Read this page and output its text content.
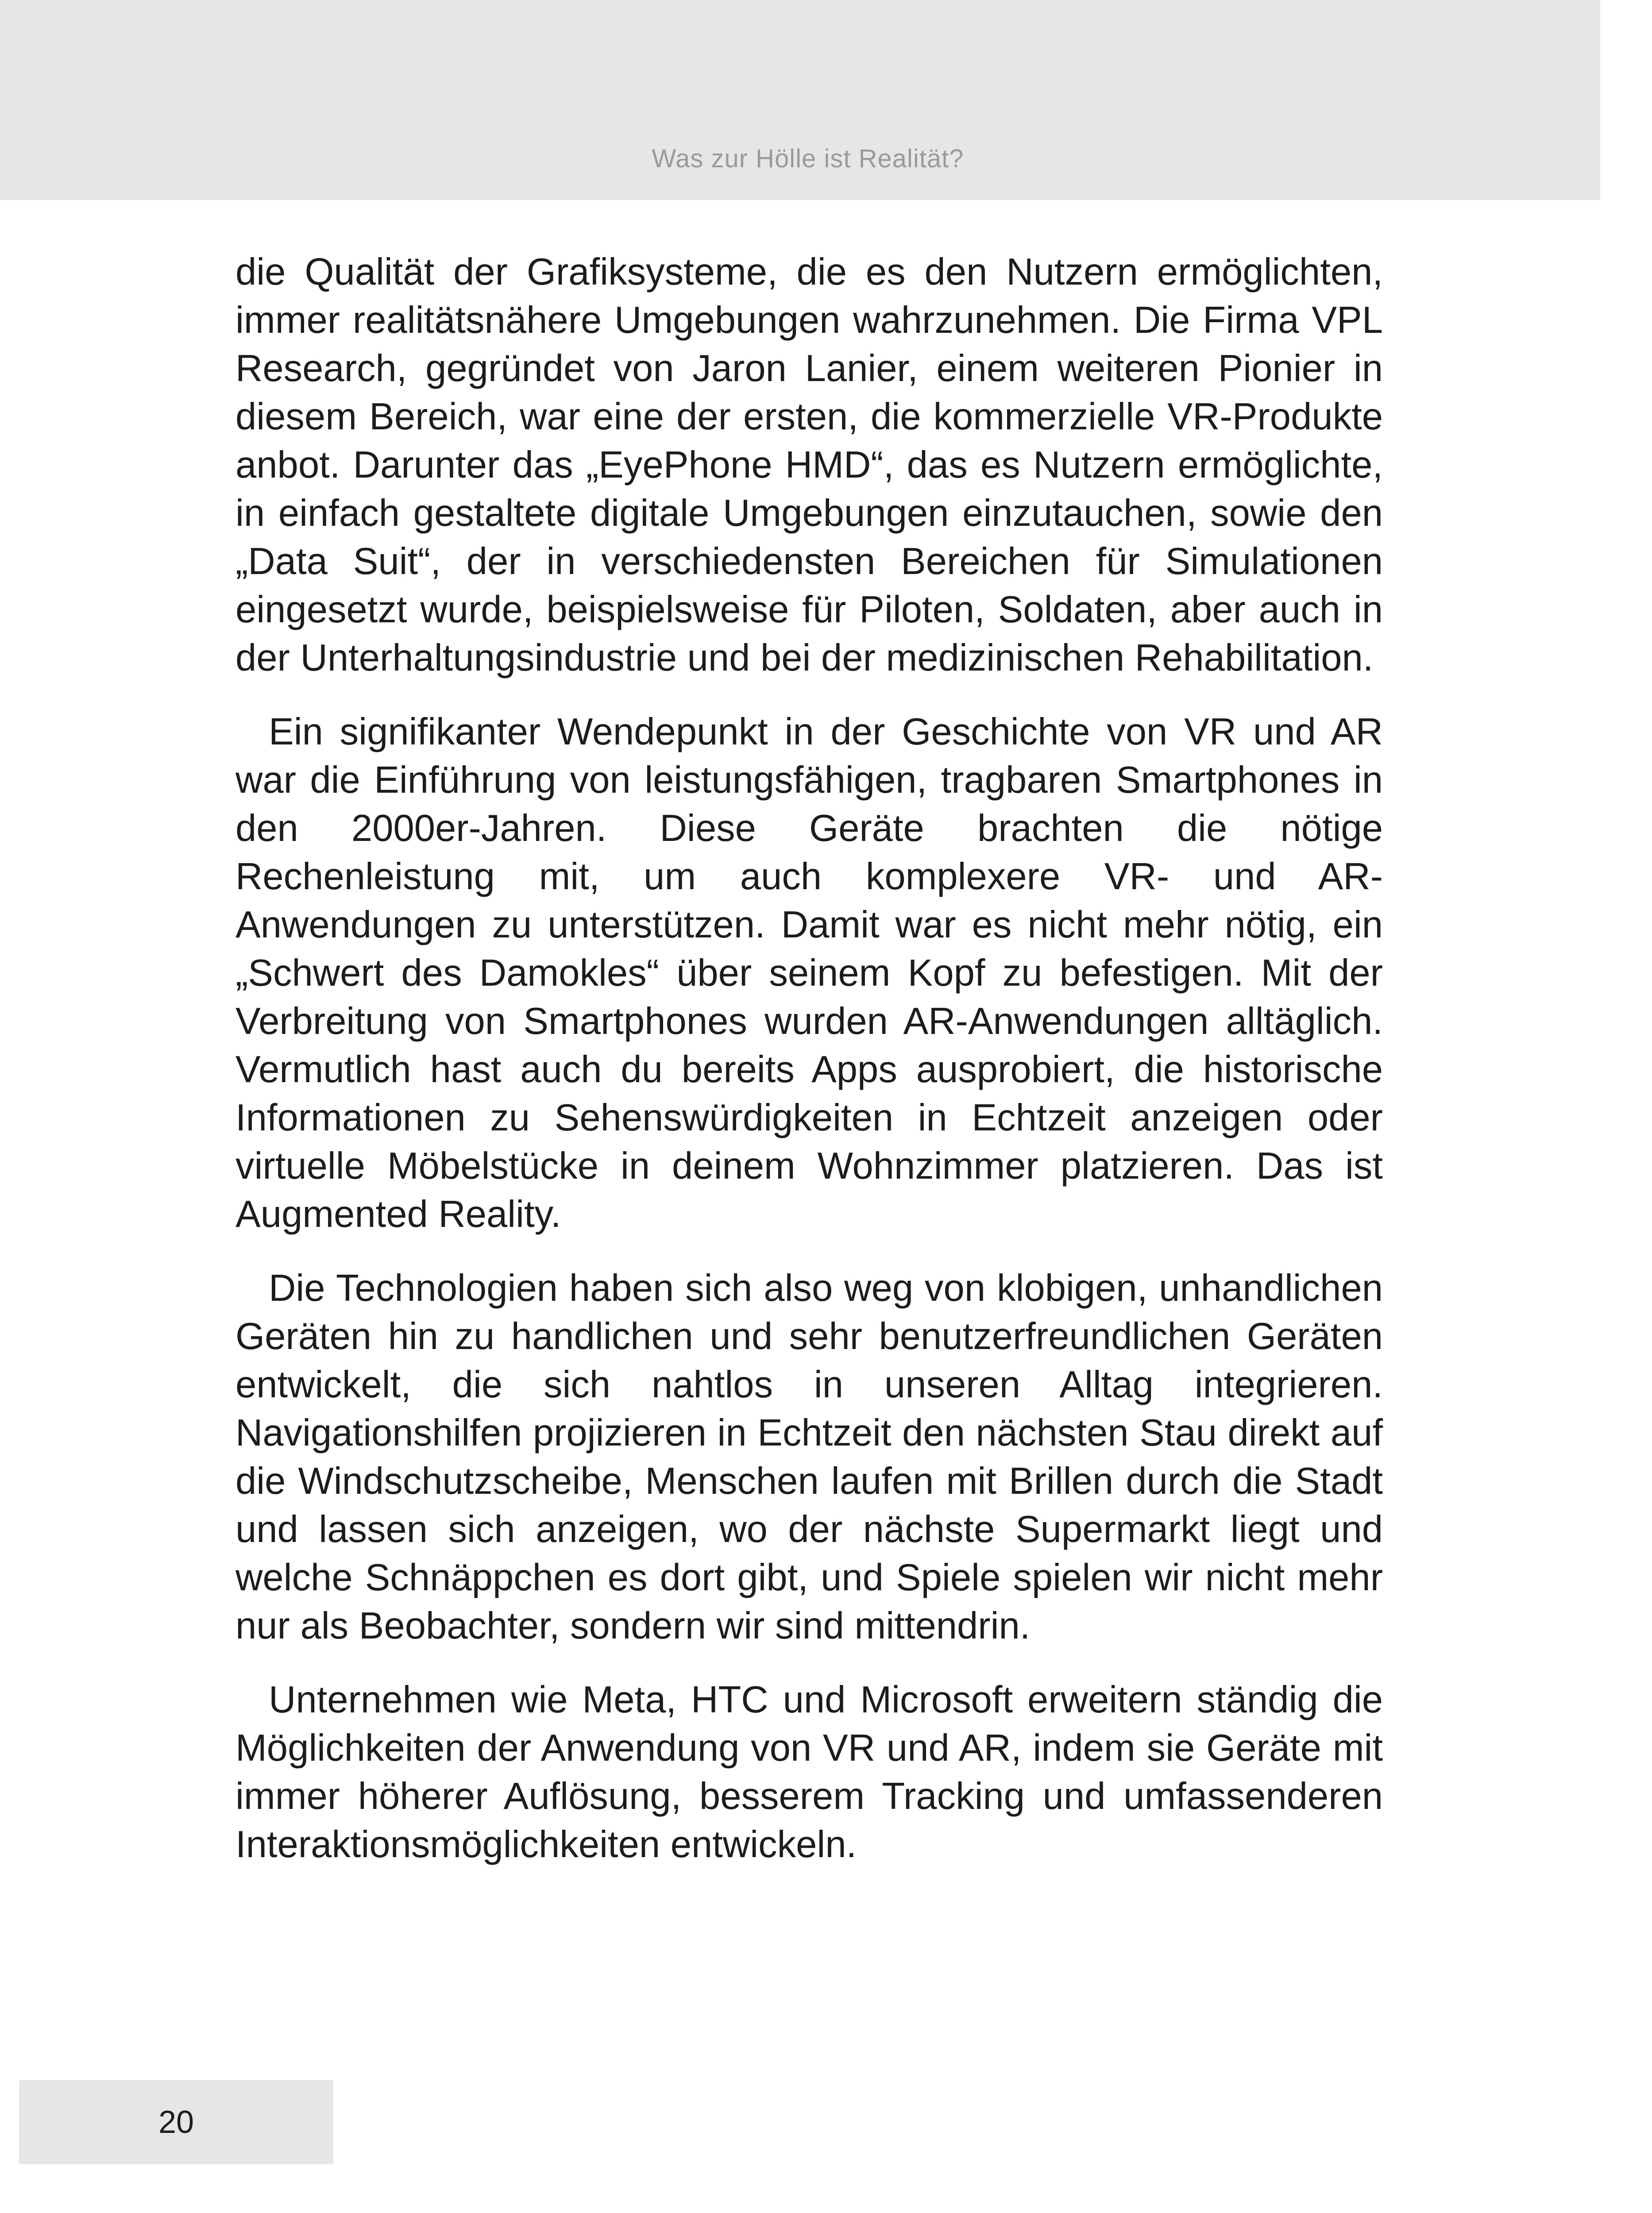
Was zur Hölle ist Realität?

die Qualität der Grafiksysteme, die es den Nutzern ermöglichten, immer realitätsnähere Umgebungen wahrzunehmen. Die Firma VPL Research, gegründet von Jaron Lanier, einem weiteren Pionier in diesem Bereich, war eine der ersten, die kommerzielle VR-Produkte anbot. Darunter das „EyePhone HMD“, das es Nutzern ermöglichte, in einfach gestaltete digitale Umgebungen einzutauchen, sowie den „Data Suit“, der in verschiedensten Bereichen für Simulationen eingesetzt wurde, beispielsweise für Piloten, Soldaten, aber auch in der Unterhaltungsindustrie und bei der medizinischen Rehabilitation.

Ein signifikanter Wendepunkt in der Geschichte von VR und AR war die Einführung von leistungsfähigen, tragbaren Smartphones in den 2000er-Jahren. Diese Geräte brachten die nötige Rechenleistung mit, um auch komplexere VR- und AR-Anwendungen zu unterstützen. Damit war es nicht mehr nötig, ein „Schwert des Damokles“ über seinem Kopf zu befestigen. Mit der Verbreitung von Smartphones wurden AR-Anwendungen alltäglich. Vermutlich hast auch du bereits Apps ausprobiert, die historische Informationen zu Sehenswürdigkeiten in Echtzeit anzeigen oder virtuelle Möbelstücke in deinem Wohnzimmer platzieren. Das ist Augmented Reality.

Die Technologien haben sich also weg von klobigen, unhandlichen Geräten hin zu handlichen und sehr benutzerfreundlichen Geräten entwickelt, die sich nahtlos in unseren Alltag integrieren. Navigationshilfen projizieren in Echtzeit den nächsten Stau direkt auf die Windschutzscheibe, Menschen laufen mit Brillen durch die Stadt und lassen sich anzeigen, wo der nächste Supermarkt liegt und welche Schnäppchen es dort gibt, und Spiele spielen wir nicht mehr nur als Beobachter, sondern wir sind mittendrin.

Unternehmen wie Meta, HTC und Microsoft erweitern ständig die Möglichkeiten der Anwendung von VR und AR, indem sie Geräte mit immer höherer Auflösung, besserem Tracking und umfassenderen Interaktionsmöglichkeiten entwickeln.

20
